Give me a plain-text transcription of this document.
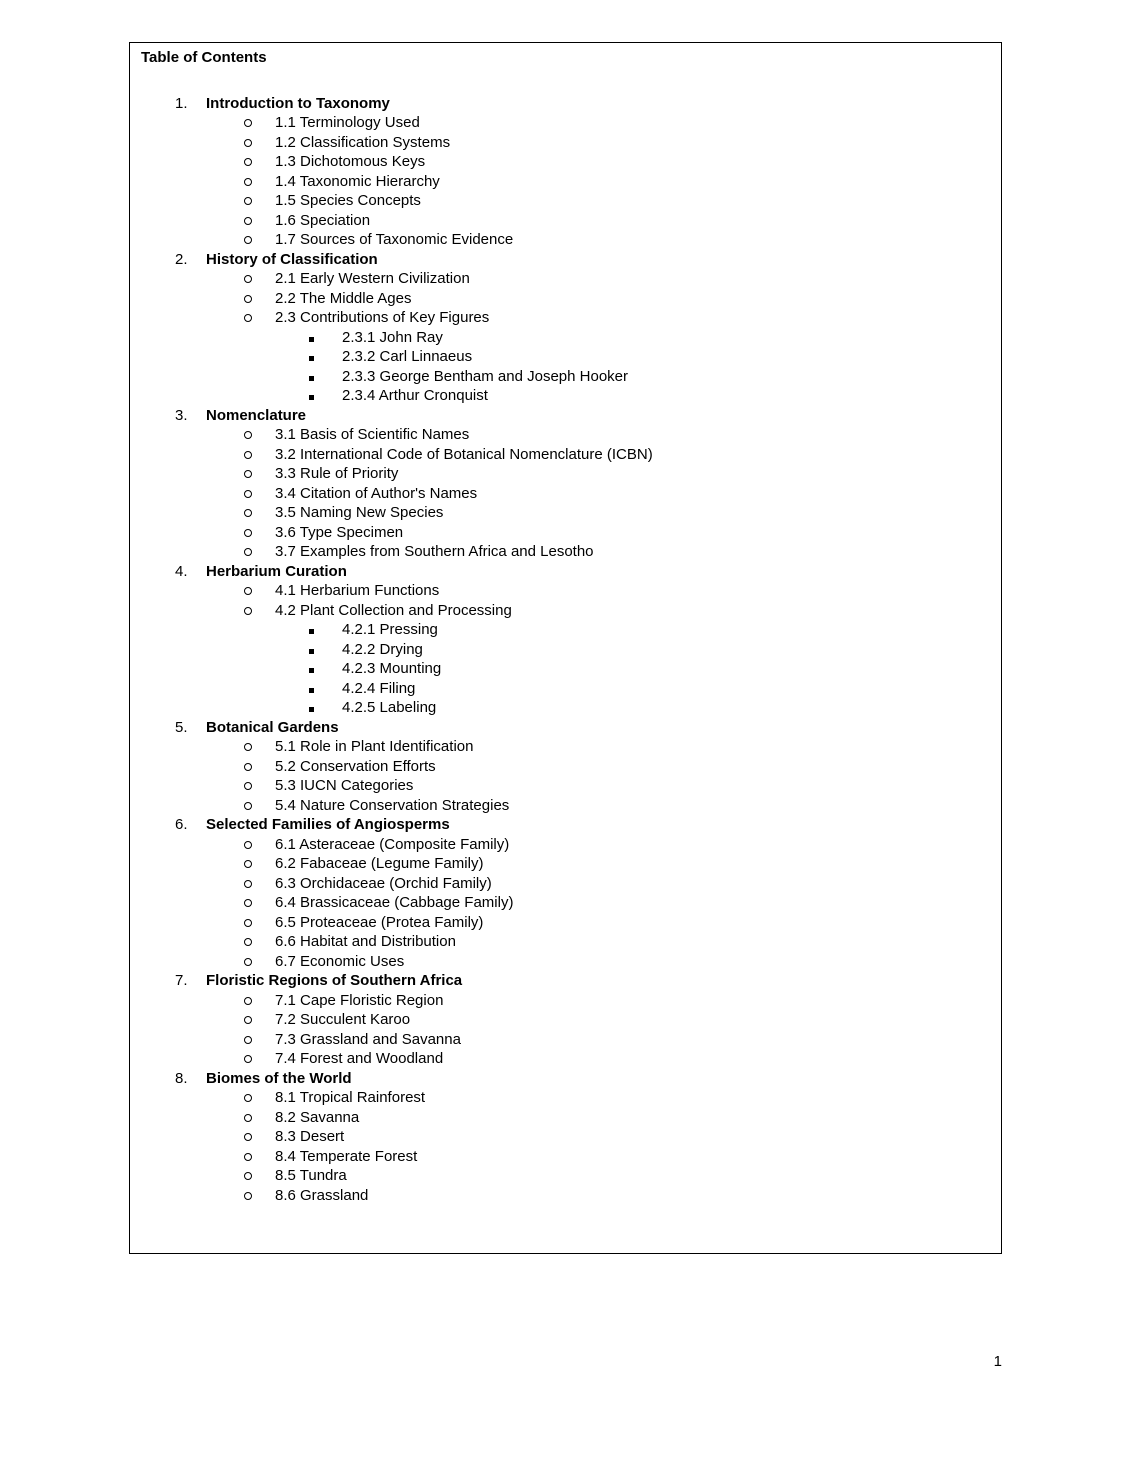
Table of Contents
1.	Introduction to Taxonomy
1.1 Terminology Used
1.2 Classification Systems
1.3 Dichotomous Keys
1.4 Taxonomic Hierarchy
1.5 Species Concepts
1.6 Speciation
1.7 Sources of Taxonomic Evidence
2.	History of Classification
2.1 Early Western Civilization
2.2 The Middle Ages
2.3 Contributions of Key Figures
2.3.1 John Ray
2.3.2 Carl Linnaeus
2.3.3 George Bentham and Joseph Hooker
2.3.4 Arthur Cronquist
3.	Nomenclature
3.1 Basis of Scientific Names
3.2 International Code of Botanical Nomenclature (ICBN)
3.3 Rule of Priority
3.4 Citation of Author's Names
3.5 Naming New Species
3.6 Type Specimen
3.7 Examples from Southern Africa and Lesotho
4.	Herbarium Curation
4.1 Herbarium Functions
4.2 Plant Collection and Processing
4.2.1 Pressing
4.2.2 Drying
4.2.3 Mounting
4.2.4 Filing
4.2.5 Labeling
5.	Botanical Gardens
5.1 Role in Plant Identification
5.2 Conservation Efforts
5.3 IUCN Categories
5.4 Nature Conservation Strategies
6.	Selected Families of Angiosperms
6.1 Asteraceae (Composite Family)
6.2 Fabaceae (Legume Family)
6.3 Orchidaceae (Orchid Family)
6.4 Brassicaceae (Cabbage Family)
6.5 Proteaceae (Protea Family)
6.6 Habitat and Distribution
6.7 Economic Uses
7.	Floristic Regions of Southern Africa
7.1 Cape Floristic Region
7.2 Succulent Karoo
7.3 Grassland and Savanna
7.4 Forest and Woodland
8.	Biomes of the World
8.1 Tropical Rainforest
8.2 Savanna
8.3 Desert
8.4 Temperate Forest
8.5 Tundra
8.6 Grassland
1
